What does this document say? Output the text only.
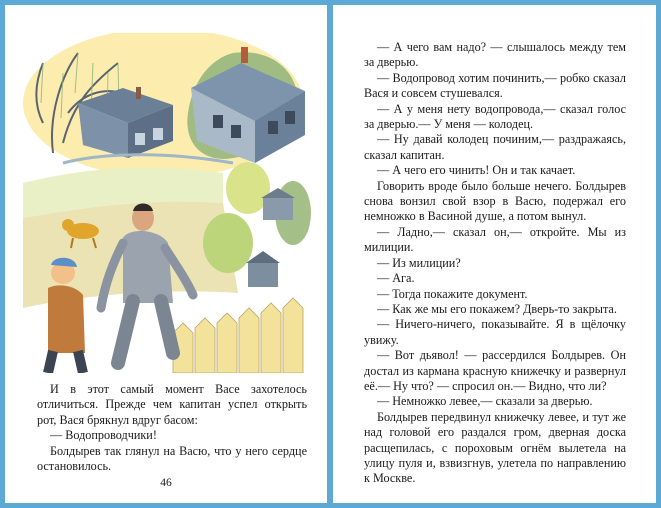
И в этот самый момент Васе захотелось отличиться. Прежде чем капитан успел открыть рот, Вася брякнул вдруг басом:

— Водопроводчики!

Болдырев так глянул на Васю, что у него сердце остановилось.

46

— А чего вам надо? — слышалось между тем за дверью.

— Водопровод хотим починить,— робко сказал Вася и совсем стушевался.

— А у меня нету водопровода,— сказал голос за дверью.— У меня — колодец.

— Ну давай колодец починим,— раздражаясь, сказал капитан.

— А чего его чинить! Он и так качает.

Говорить вроде было больше нечего. Болдырев снова вонзил свой взор в Васю, подержал его немножко в Васиной душе, а потом вынул.

— Ладно,— сказал он,— откройте. Мы из милиции.

— Из милиции?

— Ага.

— Тогда покажите документ.

— Как же мы его покажем? Дверь-то закрыта.

— Ничего-ничего, показывайте. Я в щёлочку увижу.

— Вот дьявол! — рассердился Болдырев. Он достал из кармана красную книжечку и развернул её.— Ну что? — спросил он.— Видно, что ли?

— Немножко левее,— сказали за дверью.

Болдырев передвинул книжечку левее, и тут же над головой его раздался гром, дверная доска расщепилась, с пороховым огнём вылетела на улицу пуля и, взвизгнув, улетела по направлению к Москве.
